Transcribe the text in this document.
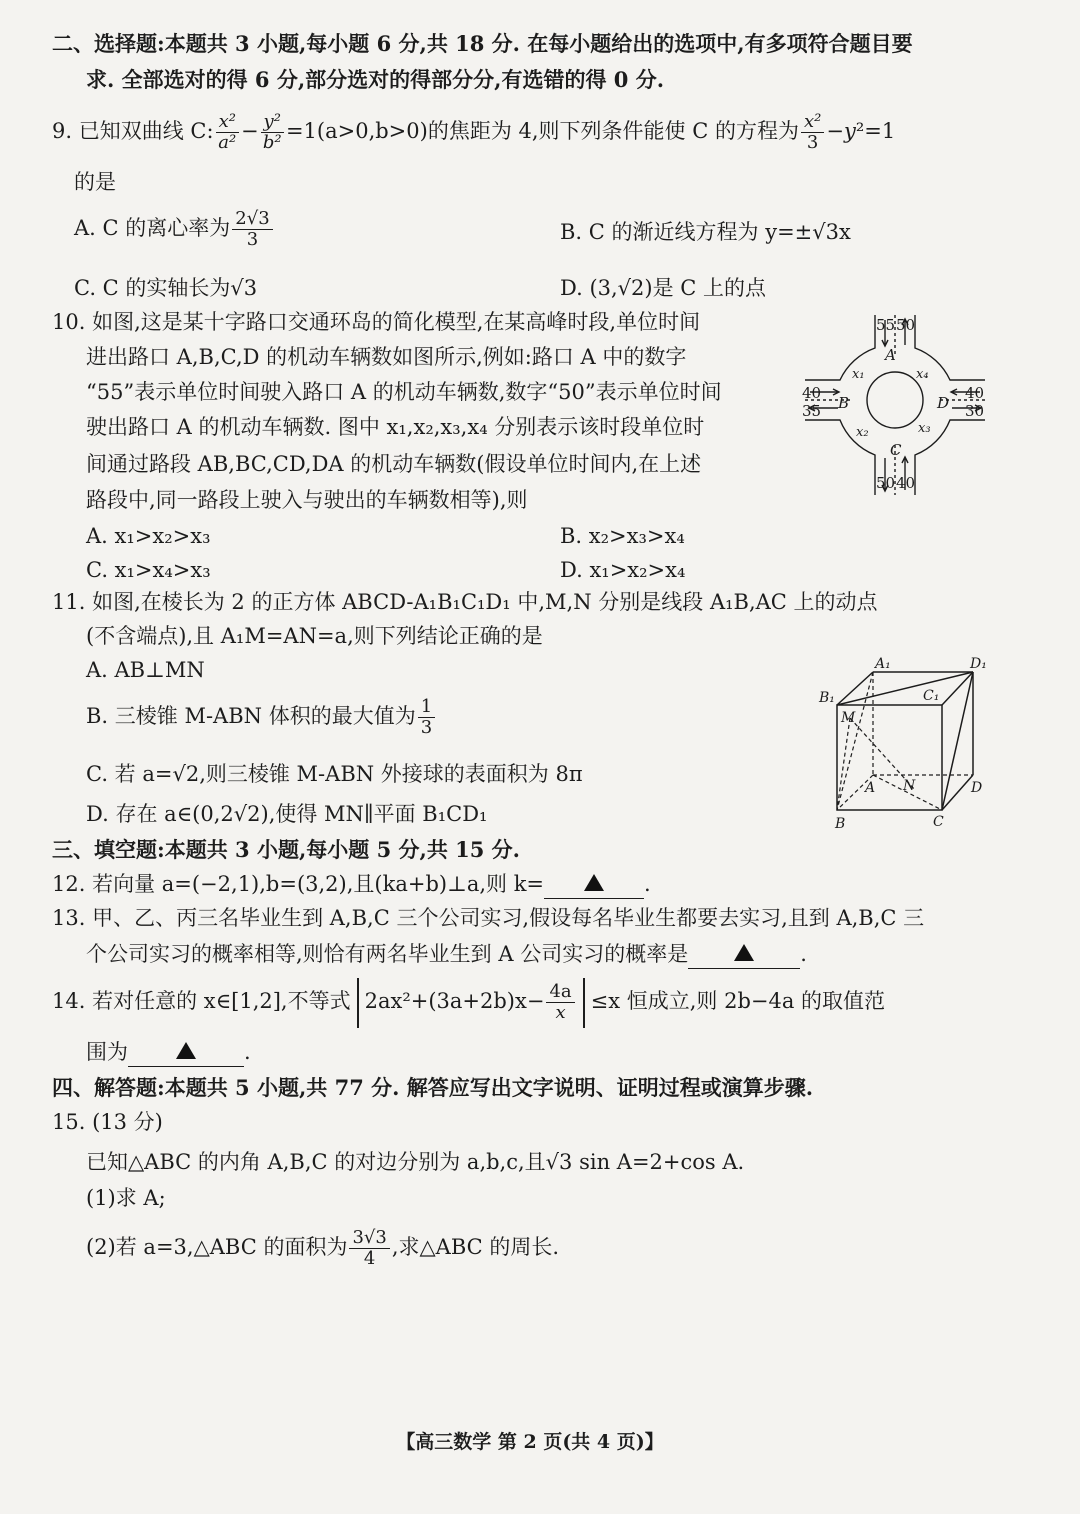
二、选择题:本题共 3 小题,每小题 6 分,共 18 分. 在每小题给出的选项中,有多项符合题目要
求. 全部选对的得 6 分,部分选对的得部分分,有选错的得 0 分.
9. 已知双曲线 C: $\frac{\text{x²}}{\text{a²}} - \frac{\text{y²}}{\text{b²}} =1(a>0,b>0)$的焦距为 4,则下列条件能使 C 的方程为 $\frac{\text{x²}}{3} -y^2=1$
的是
A. C 的离心率为 $\frac{2√3}{3}$	B. C 的渐近线方程为 y=±√3x
C. C 的实轴长为√3	D. (3,√2)是 C 上的点
10. 如图,这是某十字路口交通环岛的简化模型,在某高峰时段,单位时间
进出路口 A,B,C,D 的机动车辆数如图所示,例如:路口 A 中的数字
“55”表示单位时间驶入路口 A 的机动车辆数,数字“50”表示单位时间
驶出路口 A 的机动车辆数. 图中 x₁,x₂,x₃,x₄ 分别表示该时段单位时
间通过路段 AB,BC,CD,DA 的机动车辆数(假设单位时间内,在上述
路段中,同一路段上驶入与驶出的车辆数相等),则
A. x₁>x₂>x₃	B. x₂>x₃>x₄
C. x₁>x₄>x₃	D. x₁>x₂>x₄
55 50
40
35
40
30
50 40
A
B
C
D
x₁
x₂	x₃
x₄
11. 如图,在棱长为 2 的正方体 ABCD-A₁B₁C₁D₁ 中,M,N 分别是线段 A₁B,AC 上的动点
(不含端点),且 A₁M=AN=a,则下列结论正确的是
A. AB⊥MN
B. 三棱锥 M-ABN 体积的最大值为 $\frac{1}{3}$
C. 若 a=√2,则三棱锥 M-ABN 外接球的表面积为 8π
D. 存在 a∈(0,2√2),使得 MN∥平面 B₁CD₁
A₁	D₁
B₁	C₁
M
A N	D
B	C
三、填空题:本题共 3 小题,每小题 5 分,共 15 分.
12. 若向量 a=(−2,1),b=(3,2),且(ka+b)⊥a,则 k=	.
13. 甲、乙、丙三名毕业生到 A,B,C 三个公司实习,假设每名毕业生都要去实习,且到 A,B,C 三
个公司实习的概率相等,则恰有两名毕业生到 A 公司实习的概率是	.
14. 若对任意的 x∈[1,2],不等式 $2ax^2+(3a+2b)x- \frac{4a}{x} \le x$ 恒成立,则 2b−4a 的取值范
围为	.
四、解答题:本题共 5 小题,共 77 分. 解答应写出文字说明、证明过程或演算步骤.
15. (13 分)
已知△ABC 的内角 A,B,C 的对边分别为 a,b,c,且√3 sin A=2+cos A.
(1)求 A;
(2)若 a=3,△ABC 的面积为 $\frac{3√3}{4}$ ,求△ABC 的周长.
【高三数学 第 2 页(共 4 页)】
